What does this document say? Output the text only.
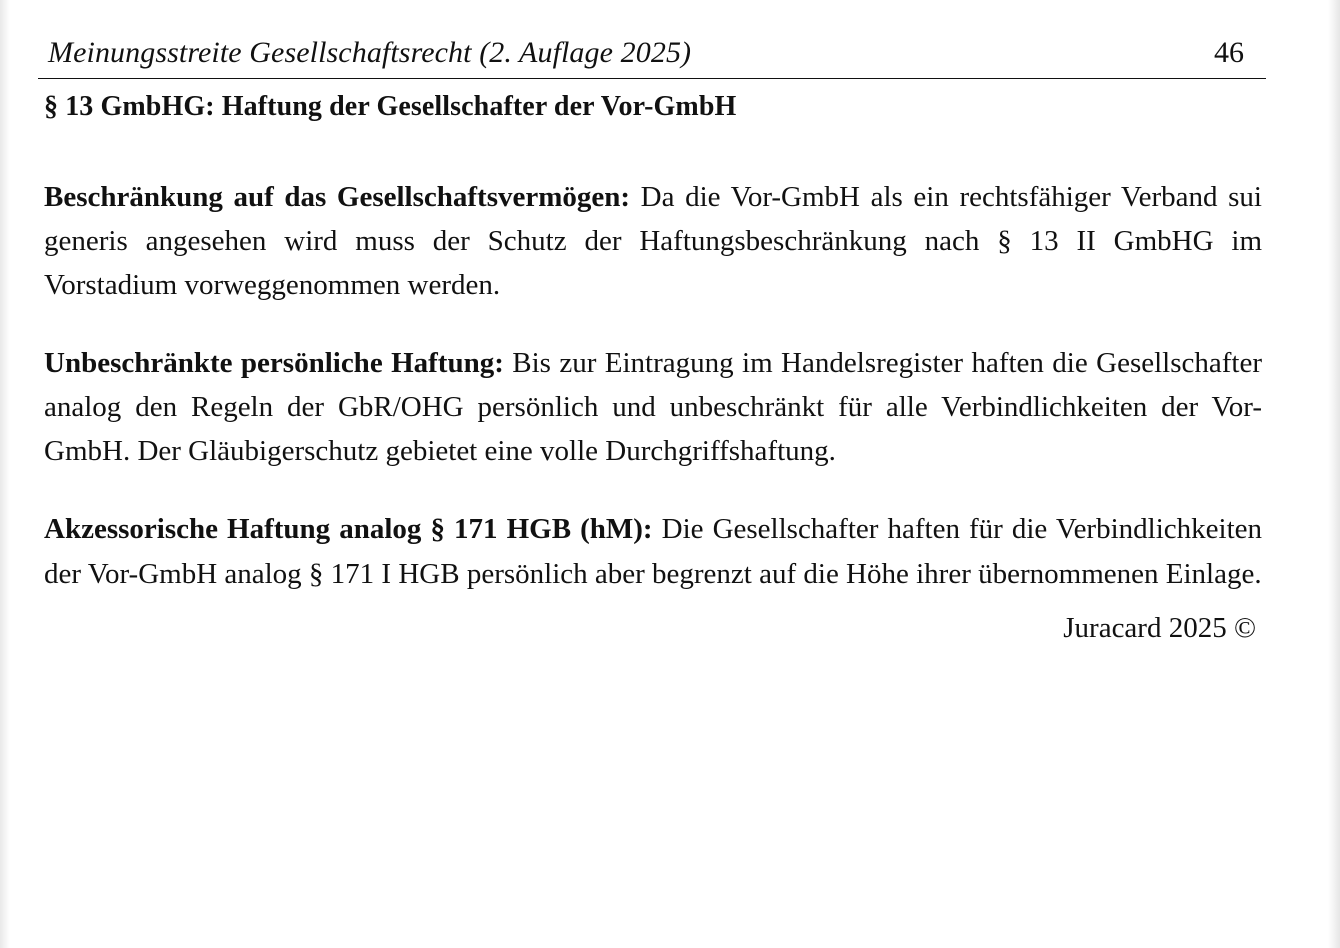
Meinungsstreite Gesellschaftsrecht (2. Auflage 2025)	46
§ 13 GmbHG: Haftung der Gesellschafter der Vor-GmbH

Beschränkung auf das Gesellschaftsvermögen: Da die Vor-GmbH als ein rechtsfähiger Verband sui generis angesehen wird muss der Schutz der Haftungsbeschränkung nach § 13 II GmbHG im Vorstadium vorweggenommen werden.

Unbeschränkte persönliche Haftung: Bis zur Eintragung im Handelsregister haften die Gesellschafter analog den Regeln der GbR/OHG persönlich und unbeschränkt für alle Verbindlichkeiten der Vor-GmbH. Der Gläubigerschutz gebietet eine volle Durchgriffshaftung.

Akzessorische Haftung analog § 171 HGB (hM): Die Gesellschafter haften für die Verbindlichkeiten der Vor-GmbH analog § 171 I HGB persönlich aber begrenzt auf die Höhe ihrer übernommenen Einlage.

Juracard 2025 ©
